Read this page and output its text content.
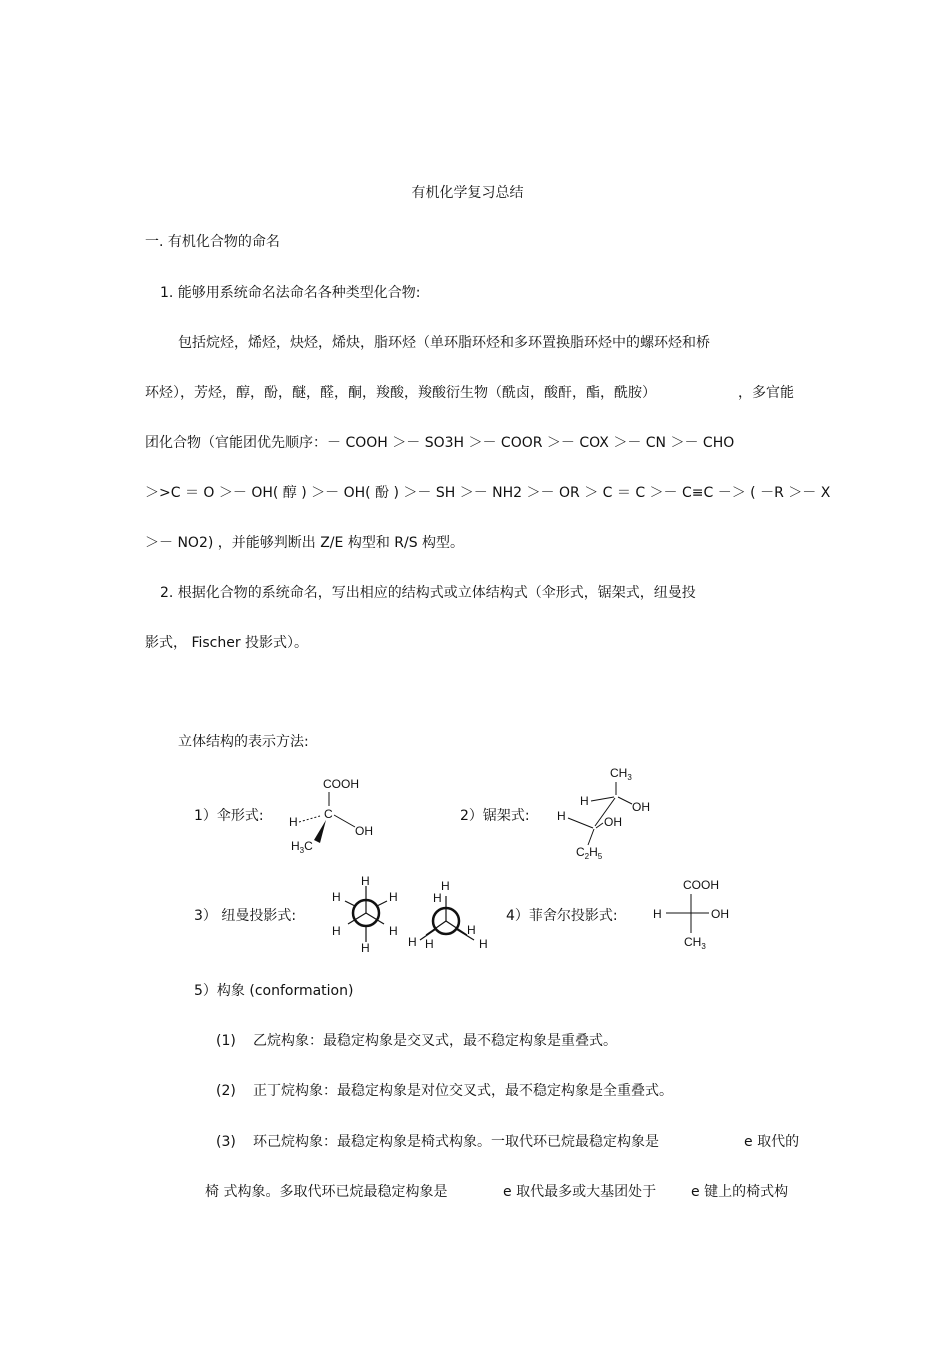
有机化学复习总结
一. 有机化合物的命名
1. 能够用系统命名法命名各种类型化合物:
包括烷烃，烯烃，炔烃，烯炔，脂环烃（单环脂环烃和多环置换脂环烃中的螺环烃和桥
环烃），芳烃，醇，酚，醚，醛，酮，羧酸，羧酸衍生物（酰卤，酸酐，酯，酰胺）	，多官能
团化合物（官能团优先顺序：－ COOH ＞－ SO3H ＞－ COOR ＞－ COX ＞－ CN ＞－ CHO
＞>C ＝ O ＞－ OH( 醇 ) ＞－ OH( 酚 ) ＞－ SH ＞－ NH2 ＞－ OR ＞ C ＝ C ＞－ C≡C －＞ ( －R ＞－ X
＞－ NO2) ，并能够判断出 Z/E 构型和 R/S 构型。
2. 根据化合物的系统命名，写出相应的结构式或立体结构式（伞形式，锯架式，纽曼投
影式， Fischer 投影式）。
立体结构的表示方法:
1）伞形式:	2）锯架式:
3） 纽曼投影式:	4）菲舍尔投影式:
COOH
C
H
OH
$H_3C$
$CH_3$
H	OH
H	OH
$C_2H_5$
H
H	H
H	H
H
H
H
H H
H
H
COOH
H	OH
$CH_3$
5）构象 (conformation)
(1) 乙烷构象：最稳定构象是交叉式，最不稳定构象是重叠式。
(2) 正丁烷构象：最稳定构象是对位交叉式，最不稳定构象是全重叠式。
(3) 环己烷构象：最稳定构象是椅式构象。一取代环已烷最稳定构象是	e 取代的
椅 式构象。多取代环已烷最稳定构象是	e 取代最多或大基团处于 e 键上的椅式构
